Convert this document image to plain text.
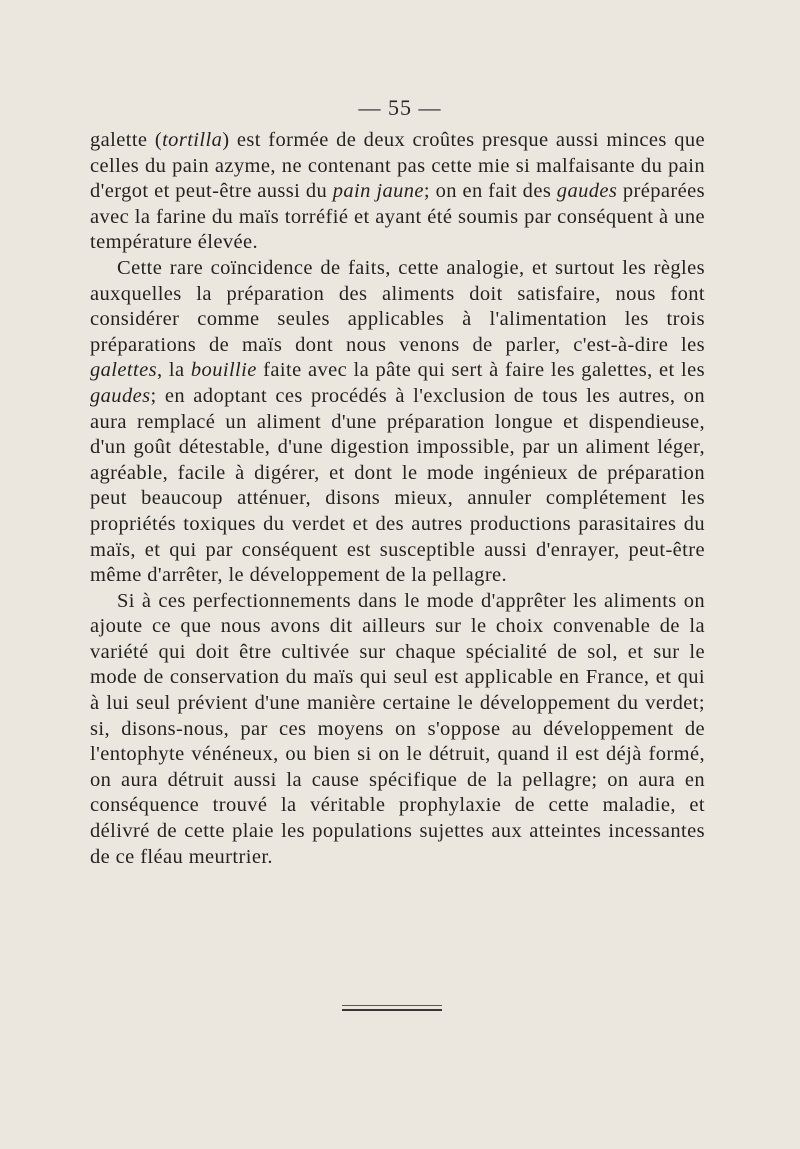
— 55 —

galette (tortilla) est formée de deux croûtes presque aussi minces que celles du pain azyme, ne contenant pas cette mie si malfaisante du pain d'ergot et peut-être aussi du pain jaune; on en fait des gaudes préparées avec la farine du maïs torréfié et ayant été soumis par conséquent à une température élevée.

Cette rare coïncidence de faits, cette analogie, et surtout les règles auxquelles la préparation des aliments doit satisfaire, nous font considérer comme seules applicables à l'alimentation les trois préparations de maïs dont nous venons de parler, c'est-à-dire les galettes, la bouillie faite avec la pâte qui sert à faire les galettes, et les gaudes; en adoptant ces procédés à l'exclusion de tous les autres, on aura remplacé un aliment d'une préparation longue et dispendieuse, d'un goût détestable, d'une digestion impossible, par un aliment léger, agréable, facile à digérer, et dont le mode ingénieux de préparation peut beaucoup atténuer, disons mieux, annuler complétement les propriétés toxiques du verdet et des autres productions parasitaires du maïs, et qui par conséquent est susceptible aussi d'enrayer, peut-être même d'arrêter, le développement de la pellagre.

Si à ces perfectionnements dans le mode d'apprêter les aliments on ajoute ce que nous avons dit ailleurs sur le choix convenable de la variété qui doit être cultivée sur chaque spécialité de sol, et sur le mode de conservation du maïs qui seul est applicable en France, et qui à lui seul prévient d'une manière certaine le développement du verdet; si, disons-nous, par ces moyens on s'oppose au développement de l'entophyte vénéneux, ou bien si on le détruit, quand il est déjà formé, on aura détruit aussi la cause spécifique de la pellagre; on aura en conséquence trouvé la véritable prophylaxie de cette maladie, et délivré de cette plaie les populations sujettes aux atteintes incessantes de ce fléau meurtrier.
